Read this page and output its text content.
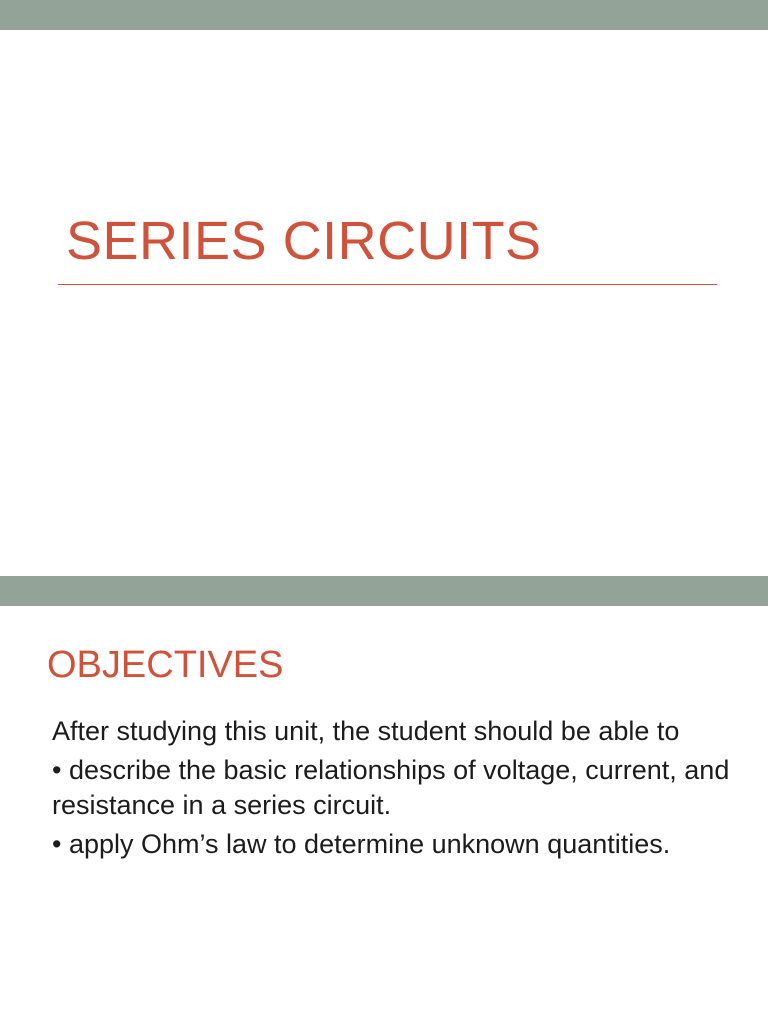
SERIES CIRCUITS
OBJECTIVES

After studying this unit, the student should be able to

• describe the basic relationships of voltage, current, and resistance in a series circuit.

• apply Ohm’s law to determine unknown quantities.
